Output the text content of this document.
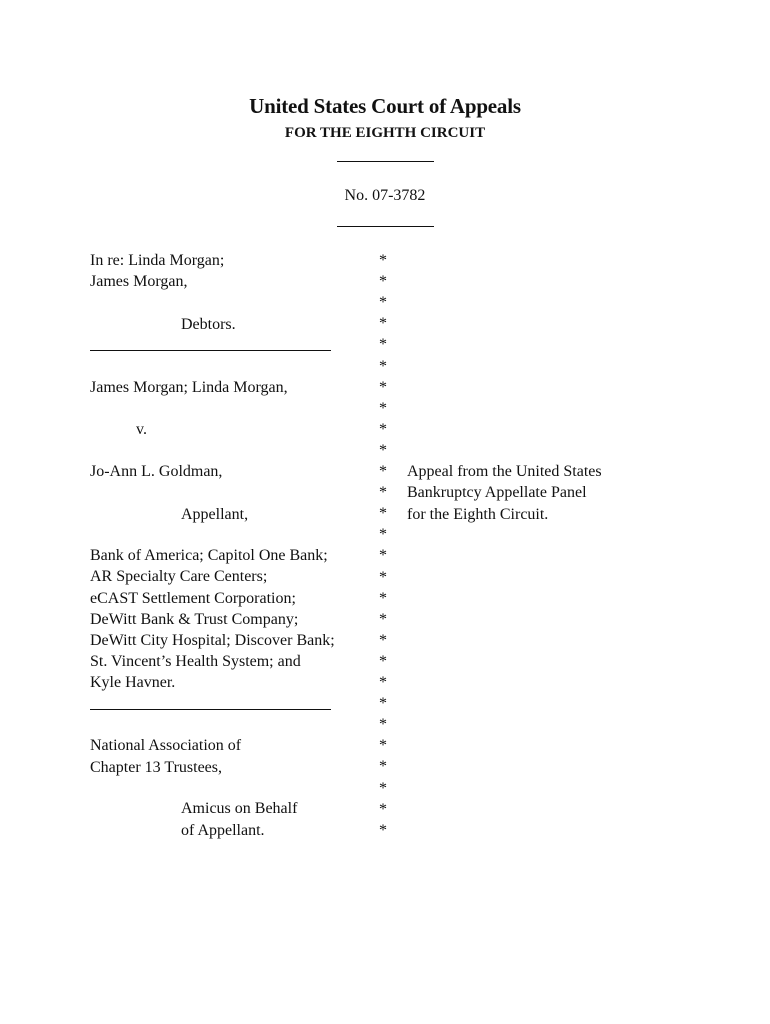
United States Court of Appeals
FOR THE EIGHTH CIRCUIT
No. 07-3782
In re: Linda Morgan;
James Morgan,
Debtors.
James Morgan; Linda Morgan,
v.
Jo-Ann L. Goldman,
Appellant,
Bank of America; Capitol One Bank;
AR Specialty Care Centers;
eCAST Settlement Corporation;
DeWitt Bank & Trust Company;
DeWitt City Hospital; Discover Bank;
St. Vincent’s Health System; and
Kyle Havner.
National Association of
Chapter 13 Trustees,
Amicus on Behalf
of Appellant.
*
*
*
*
*
*
*
*
*
*
*
*
*
*
*
*
*
*
*
*
*
*
*
*
*
*
*
*
Appeal from the United States
Bankruptcy Appellate Panel
for the Eighth Circuit.
